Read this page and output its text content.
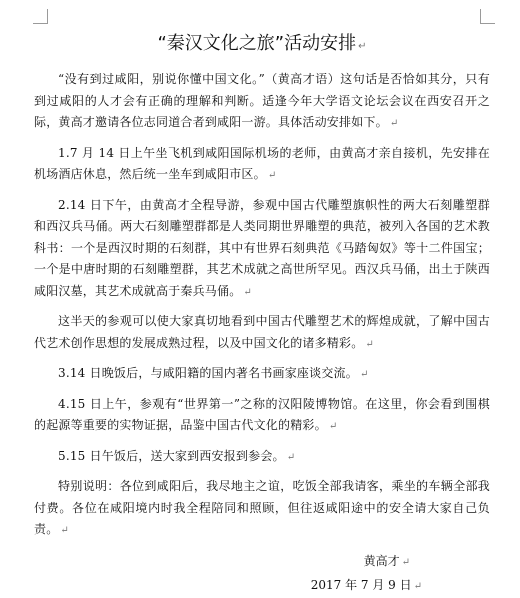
“秦汉文化之旅”活动安排 ↵

“没有到过咸阳，别说你懂中国文化。”（黄高才语）这句话是否恰如其分，只有到过咸阳的人才会有正确的理解和判断。适逢今年大学语文论坛会议在西安召开之际，黄高才邀请各位志同道合者到咸阳一游。具体活动安排如下。 ↵

1.7 月 14 日上午坐飞机到咸阳国际机场的老师，由黄高才亲自接机，先安排在机场酒店休息，然后统一坐车到咸阳市区。 ↵

2.14 日下午，由黄高才全程导游，参观中国古代雕塑旗帜性的两大石刻雕塑群和西汉兵马俑。两大石刻雕塑群都是人类同期世界雕塑的典范，被列入各国的艺术教科书：一个是西汉时期的石刻群，其中有世界石刻典范《马踏匈奴》等十二件国宝；一个是中唐时期的石刻雕塑群，其艺术成就之高世所罕见。西汉兵马俑，出土于陕西咸阳汉墓，其艺术成就高于秦兵马俑。 ↵

这半天的参观可以使大家真切地看到中国古代雕塑艺术的辉煌成就，了解中国古代艺术创作思想的发展成熟过程，以及中国文化的诸多精彩。 ↵

3.14 日晚饭后，与咸阳籍的国内著名书画家座谈交流。 ↵

4.15 日上午，参观有“世界第一”之称的汉阳陵博物馆。在这里，你会看到围棋的起源等重要的实物证据，品鉴中国古代文化的精彩。 ↵

5.15 日午饭后，送大家到西安报到参会。 ↵

特别说明：各位到咸阳后，我尽地主之谊，吃饭全部我请客，乘坐的车辆全部我付费。各位在咸阳境内时我全程陪同和照顾，但往返咸阳途中的安全请大家自己负责。 ↵

黄高才 ↵

2017 年 7 月 9 日 ↵
